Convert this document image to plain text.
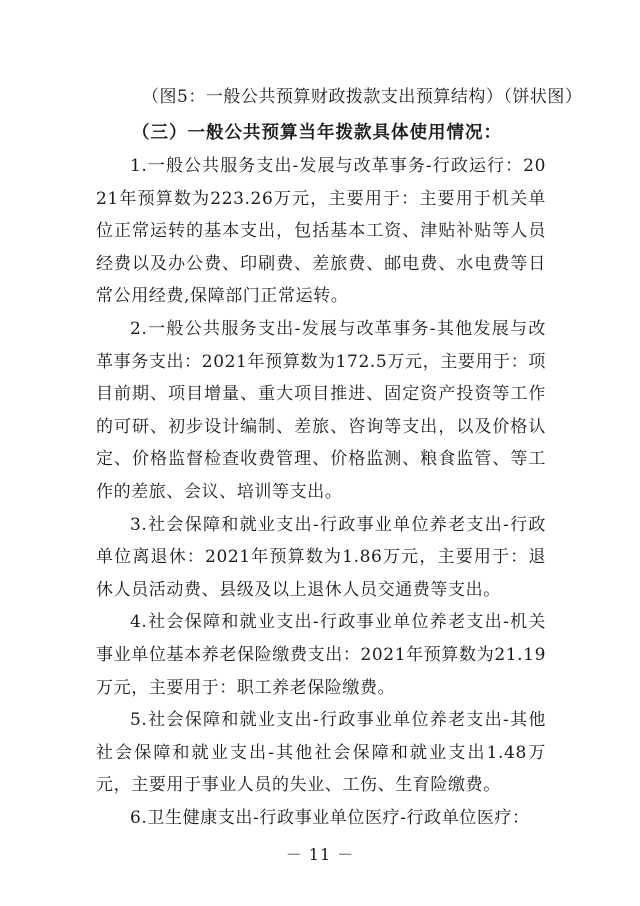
（图5：一般公共预算财政拨款支出预算结构）（饼状图）
（三）一般公共预算当年拨款具体使用情况：

1.一般公共服务支出-发展与改革事务-行政运行：2021年预算数为223.26万元，主要用于：主要用于机关单位正常运转的基本支出，包括基本工资、津贴补贴等人员经费以及办公费、印刷费、差旅费、邮电费、水电费等日常公用经费,保障部门正常运转。

2.一般公共服务支出-发展与改革事务-其他发展与改革事务支出：2021年预算数为172.5万元，主要用于：项目前期、项目增量、重大项目推进、固定资产投资等工作的可研、初步设计编制、差旅、咨询等支出，以及价格认定、价格监督检查收费管理、价格监测、粮食监管、等工作的差旅、会议、培训等支出。

3.社会保障和就业支出-行政事业单位养老支出-行政单位离退休：2021年预算数为1.86万元，主要用于：退休人员活动费、县级及以上退休人员交通费等支出。

4.社会保障和就业支出-行政事业单位养老支出-机关事业单位基本养老保险缴费支出：2021年预算数为21.19万元，主要用于：职工养老保险缴费。

5.社会保障和就业支出-行政事业单位养老支出-其他社会保障和就业支出-其他社会保障和就业支出1.48万元，主要用于事业人员的失业、工伤、生育险缴费。

6.卫生健康支出-行政事业单位医疗-行政单位医疗：

－ 11 －
